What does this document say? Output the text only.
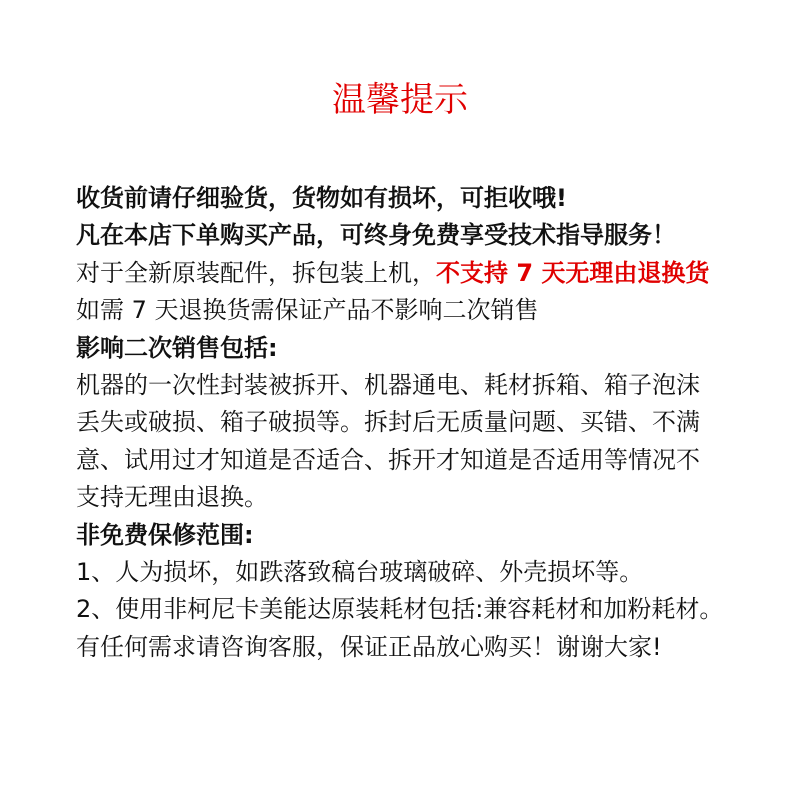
温馨提示
收货前请仔细验货，货物如有损坏，可拒收哦!
凡在本店下单购买产品，可终身免费享受技术指导服务！
对于全新原装配件，拆包装上机，不支持 7 天无理由退换货
如需 7 天退换货需保证产品不影响二次销售
影响二次销售包括:
机器的一次性封装被拆开、机器通电、耗材拆箱、箱子泡沫
丢失或破损、箱子破损等。拆封后无质量问题、买错、不满
意、试用过才知道是否适合、拆开才知道是否适用等情况不
支持无理由退换。
非免费保修范围:
1、人为损坏，如跌落致稿台玻璃破碎、外壳损坏等。
2、使用非柯尼卡美能达原装耗材包括:兼容耗材和加粉耗材。
有任何需求请咨询客服，保证正品放心购买！谢谢大家!
